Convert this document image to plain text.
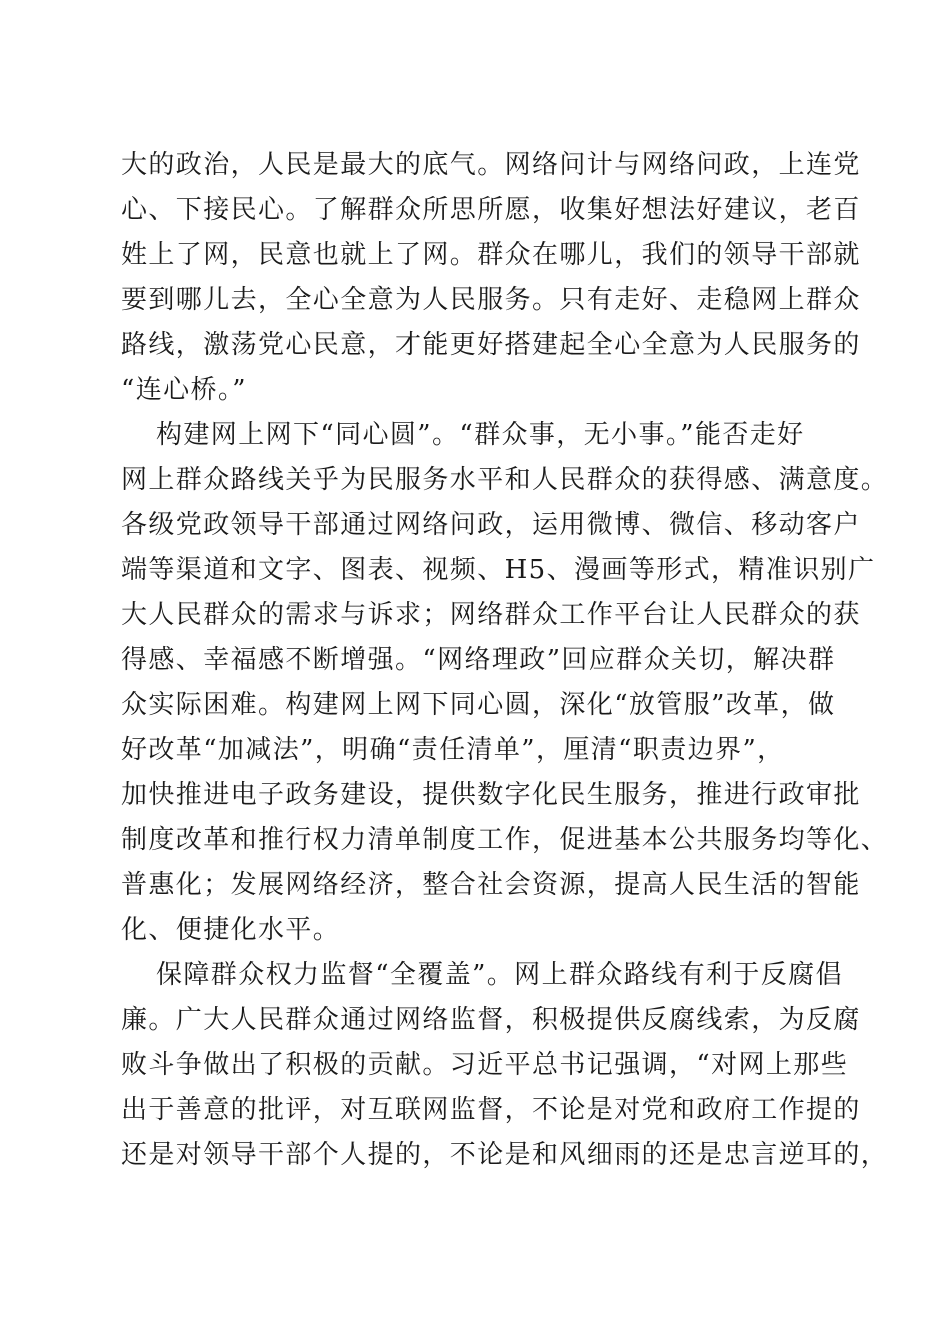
大的政治，人民是最大的底气。网络问计与网络问政，上连党
心、下接民心。了解群众所思所愿，收集好想法好建议，老百
姓上了网，民意也就上了网。群众在哪儿，我们的领导干部就
要到哪儿去，全心全意为人民服务。只有走好、走稳网上群众
路线，激荡党心民意，才能更好搭建起全心全意为人民服务的
“连心桥。”
构建网上网下“同心圆”。“群众事，无小事。”能否走好
网上群众路线关乎为民服务水平和人民群众的获得感、满意度。
各级党政领导干部通过网络问政，运用微博、微信、移动客户
端等渠道和文字、图表、视频、H5、漫画等形式，精准识别广
大人民群众的需求与诉求；网络群众工作平台让人民群众的获
得感、幸福感不断增强。“网络理政”回应群众关切，解决群
众实际困难。构建网上网下同心圆，深化“放管服”改革，做
好改革“加减法”，明确“责任清单”，厘清“职责边界”，
加快推进电子政务建设，提供数字化民生服务，推进行政审批
制度改革和推行权力清单制度工作，促进基本公共服务均等化、
普惠化；发展网络经济，整合社会资源，提高人民生活的智能
化、便捷化水平。
保障群众权力监督“全覆盖”。网上群众路线有利于反腐倡
廉。广大人民群众通过网络监督，积极提供反腐线索，为反腐
败斗争做出了积极的贡献。习近平总书记强调，“对网上那些
出于善意的批评，对互联网监督，不论是对党和政府工作提的
还是对领导干部个人提的，不论是和风细雨的还是忠言逆耳的，
